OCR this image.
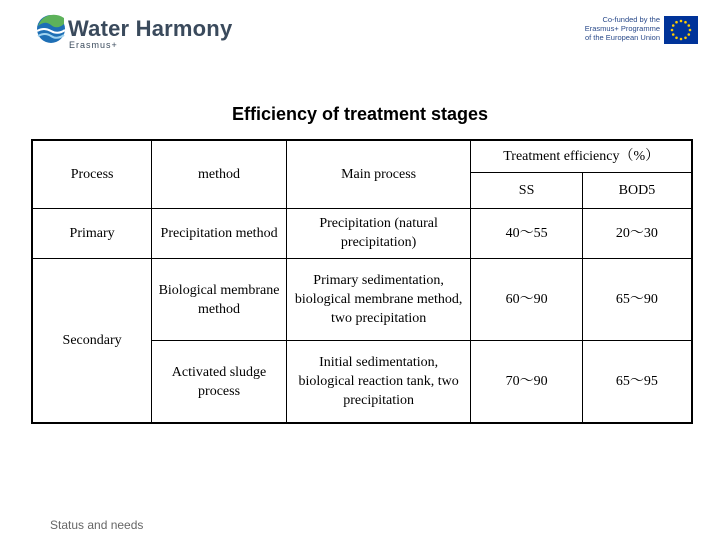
Water Harmony
Erasmus+
Co-funded by the
Erasmus+ Programme
of the European Union
Efficiency of treatment stages
Process	method	Main process	Treatment efficiency（%）	
			SS	BOD5
Primary	Precipitation method	Precipitation (natural precipitation)	40～55	20～30
Secondary	Biological membrane method	Primary sedimentation, biological membrane method, two precipitation	60～90	65～90
	Activated sludge process	Initial sedimentation, biological reaction tank, two precipitation	70～90	65～95
Status and needs
